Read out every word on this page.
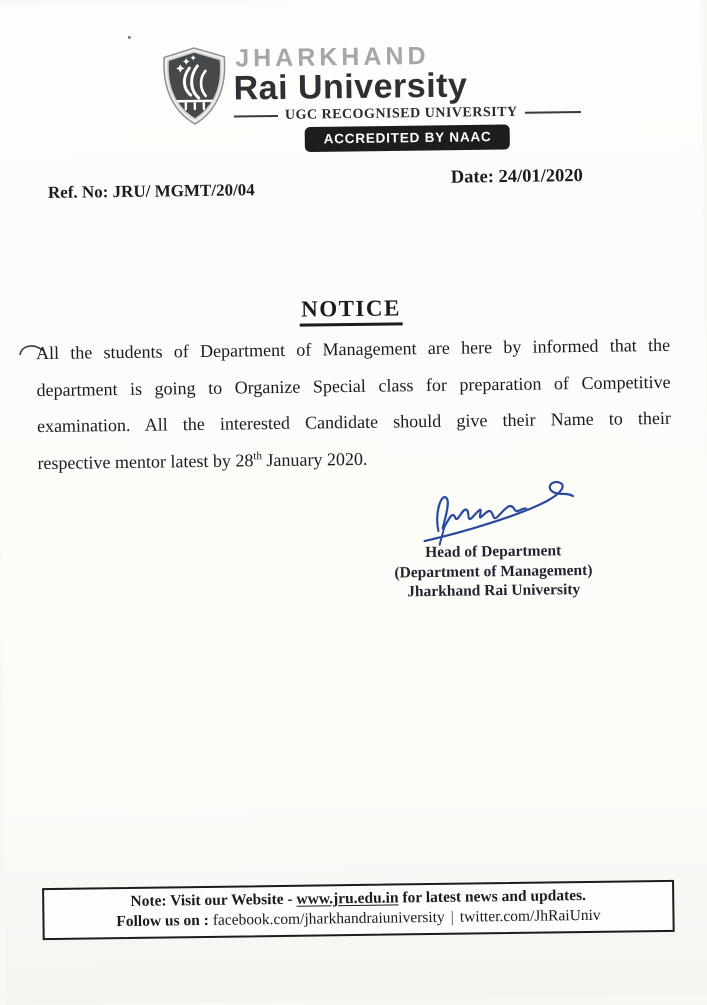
JHARKHAND
Rai University
UGC RECOGNISED UNIVERSITY
ACCREDITED BY NAAC
Ref. No: JRU/ MGMT/20/04
Date: 24/01/2020
NOTICE
All the students of Department of Management are here by informed that the
department is going to Organize Special class for preparation of Competitive
examination. All the interested Candidate should give their Name to their
respective mentor latest by 28th January 2020.
Head of Department
(Department of Management)
Jharkhand Rai University
Note: Visit our Website - www.jru.edu.in for latest news and updates.
Follow us on : facebook.com/jharkhandraiuniversity | twitter.com/JhRaiUniv
